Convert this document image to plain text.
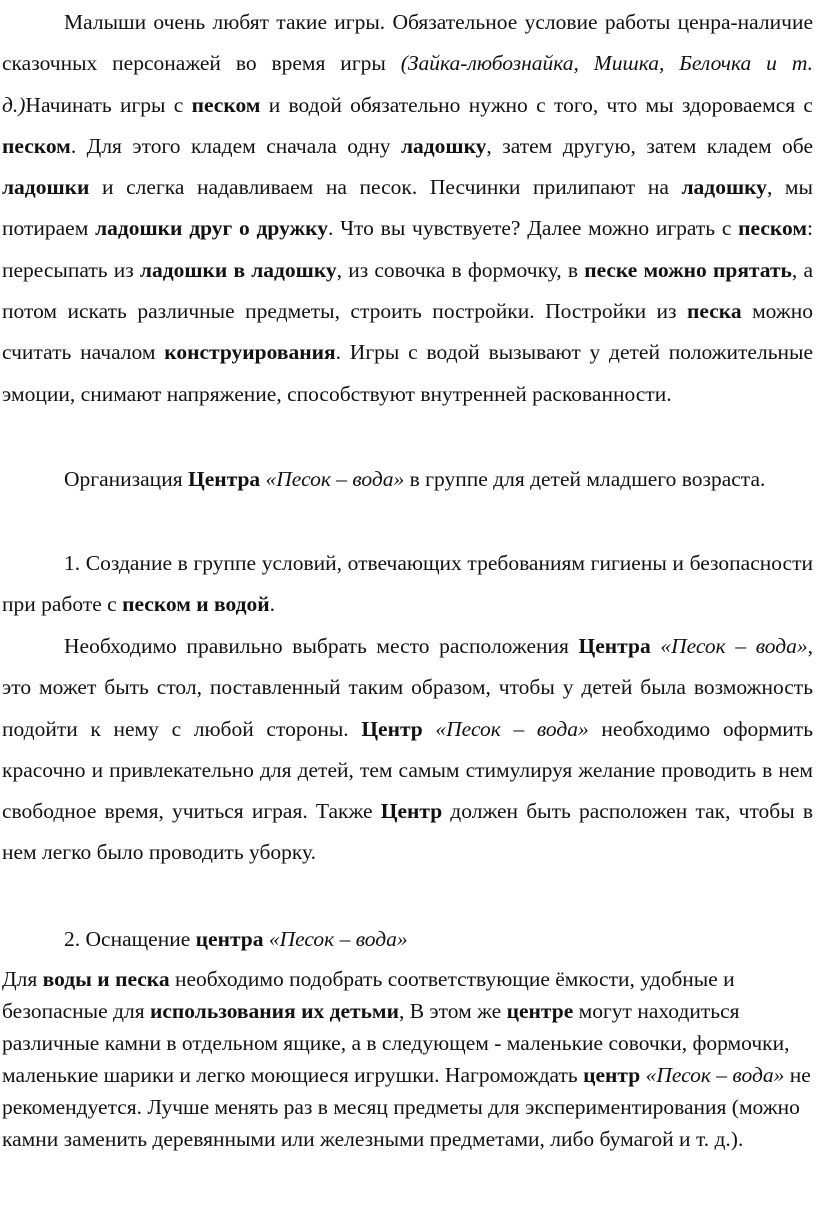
Малыши очень любят такие игры. Обязательное условие работы ценра-наличие сказочных персонажей во время игры (Зайка-любознайка, Мишка, Белочка и т. д.)Начинать игры с песком и водой обязательно нужно с того, что мы здороваемся с песком. Для этого кладем сначала одну ладошку, затем другую, затем кладем обе ладошки и слегка надавливаем на песок. Песчинки прилипают на ладошку, мы потираем ладошки друг о дружку. Что вы чувствуете? Далее можно играть с песком: пересыпать из ладошки в ладошку, из совочка в формочку, в песке можно прятать, а потом искать различные предметы, строить постройки. Постройки из песка можно считать началом конструирования. Игры с водой вызывают у детей положительные эмоции, снимают напряжение, способствуют внутренней раскованности.

Организация Центра «Песок – вода» в группе для детей младшего возраста.

1. Создание в группе условий, отвечающих требованиям гигиены и безопасности при работе с песком и водой.

Необходимо правильно выбрать место расположения Центра «Песок – вода», это может быть стол, поставленный таким образом, чтобы у детей была возможность подойти к нему с любой стороны. Центр «Песок – вода» необходимо оформить красочно и привлекательно для детей, тем самым стимулируя желание проводить в нем свободное время, учиться играя. Также Центр должен быть расположен так, чтобы в нем легко было проводить уборку.

2. Оснащение центра «Песок – вода»

Для воды и песка необходимо подобрать соответствующие ёмкости, удобные и безопасные для использования их детьми, В этом же центре могут находиться различные камни в отдельном ящике, а в следующем - маленькие совочки, формочки, маленькие шарики и легко моющиеся игрушки. Нагромождать центр «Песок – вода» не рекомендуется. Лучше менять раз в месяц предметы для экспериментирования (можно камни заменить деревянными или железными предметами, либо бумагой и т. д.).
